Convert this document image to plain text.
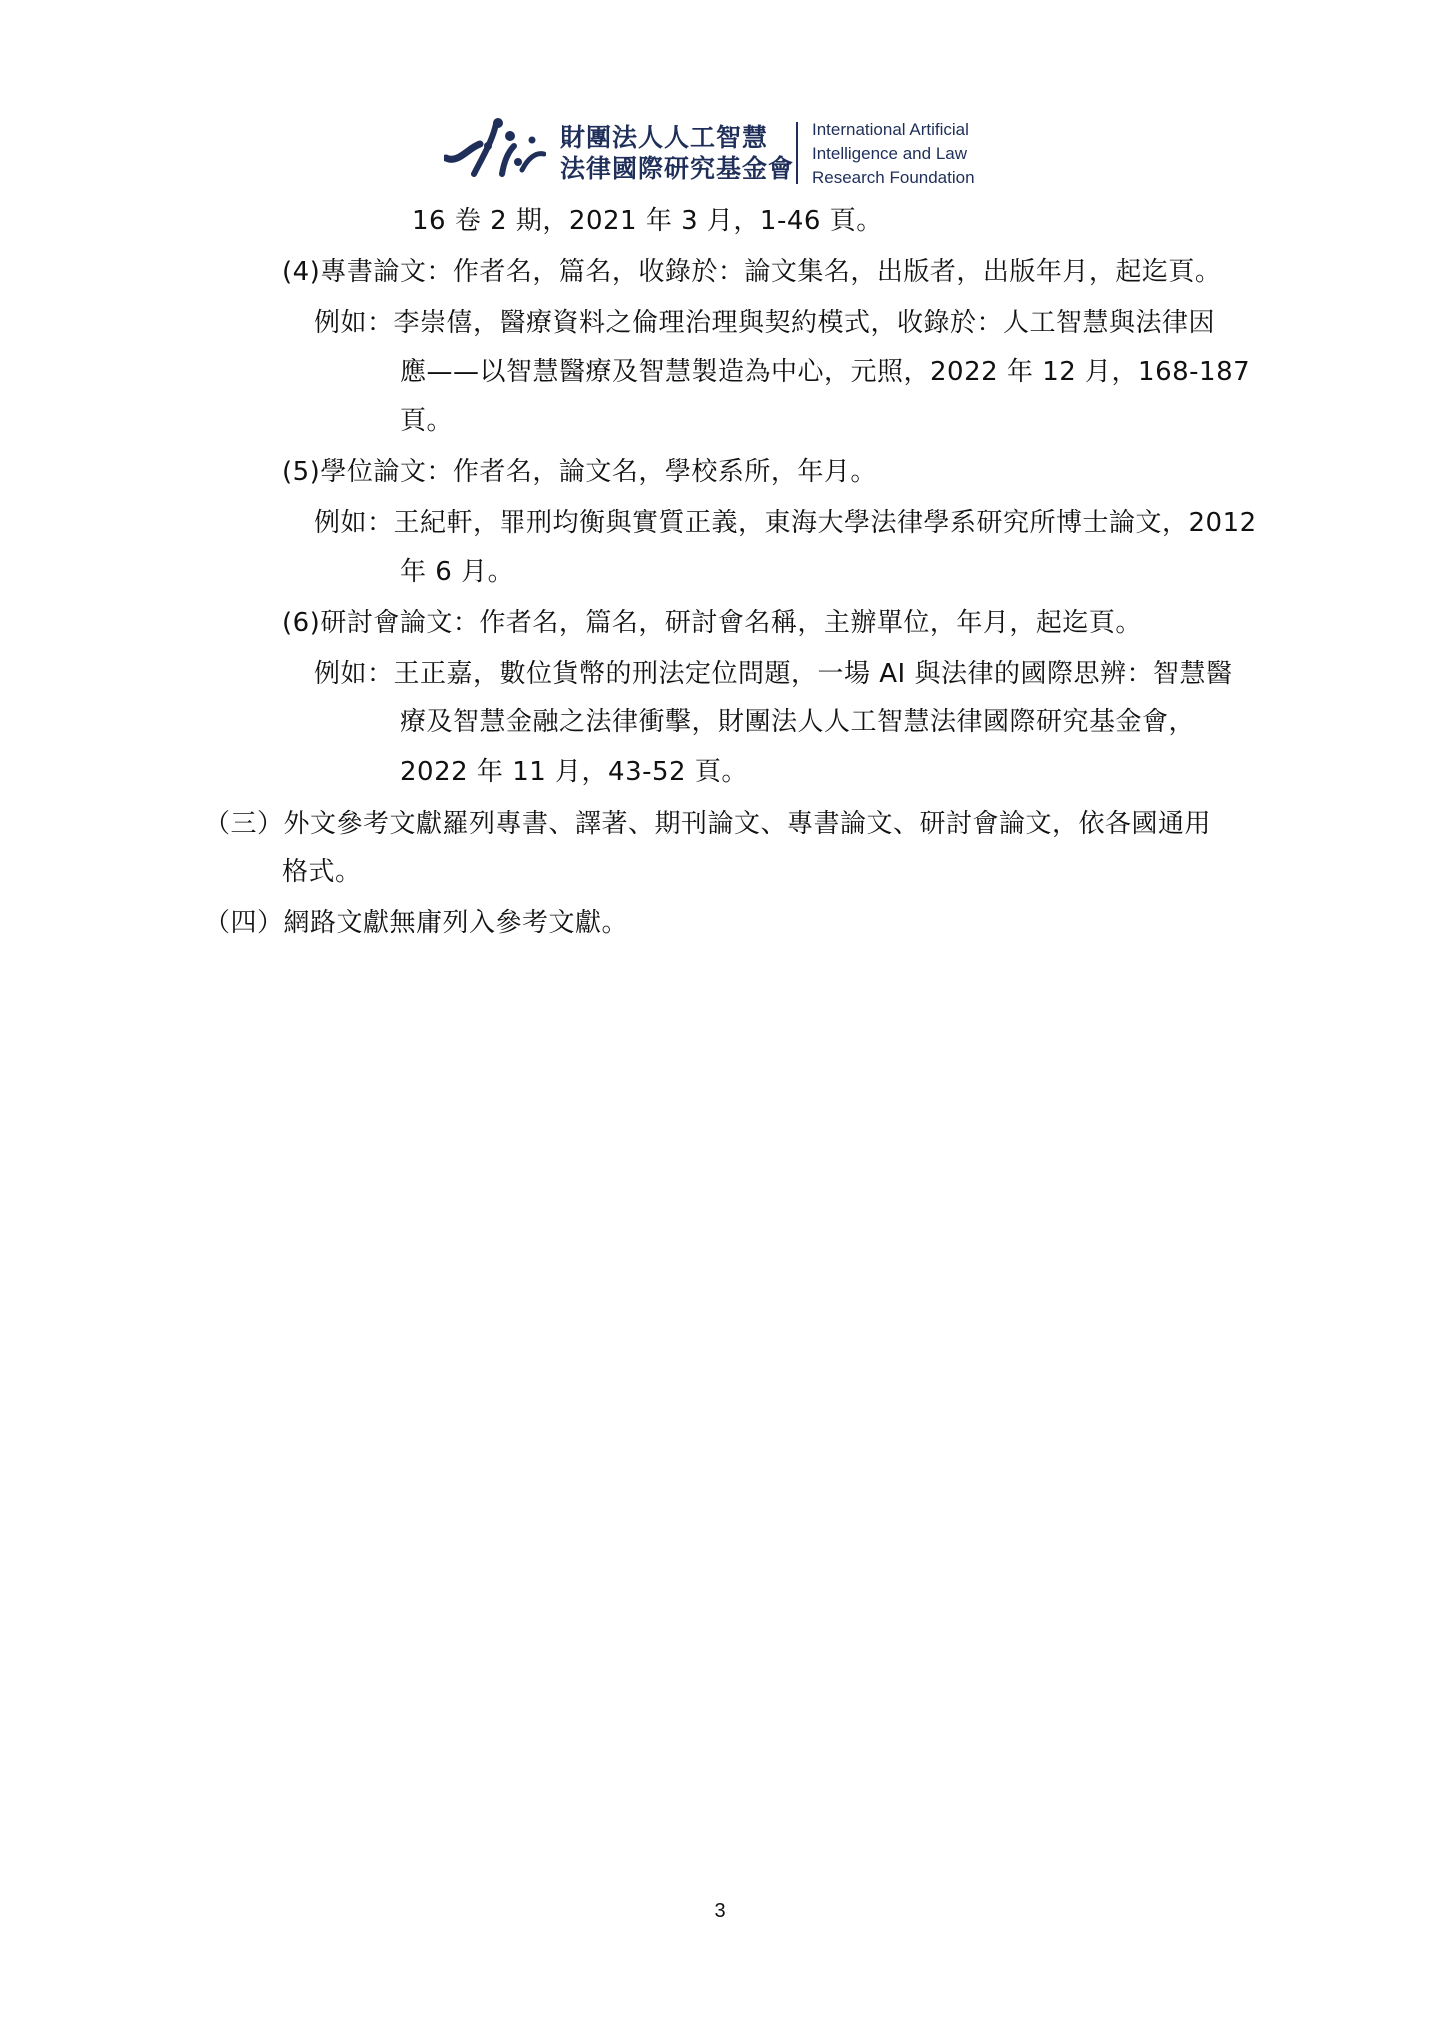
財團法人人工智慧
法律國際研究基金會
International Artificial
Intelligence and Law
Research Foundation
16 卷 2 期，2021 年 3 月，1-46 頁。
(4)專書論文：作者名，篇名，收錄於：論文集名，出版者，出版年月，起迄頁。
例如：李崇僖，醫療資料之倫理治理與契約模式，收錄於：人工智慧與法律因
應——以智慧醫療及智慧製造為中心，元照，2022 年 12 月，168-187
頁。
(5)學位論文：作者名，論文名，學校系所，年月。
例如：王紀軒，罪刑均衡與實質正義，東海大學法律學系研究所博士論文，2012
年 6 月。
(6)研討會論文：作者名，篇名，研討會名稱，主辦單位，年月，起迄頁。
例如：王正嘉，數位貨幣的刑法定位問題，一場 AI 與法律的國際思辨：智慧醫
療及智慧金融之法律衝擊，財團法人人工智慧法律國際研究基金會，
2022 年 11 月，43-52 頁。
（三）外文參考文獻羅列專書、譯著、期刊論文、專書論文、研討會論文，依各國通用
格式。
（四）網路文獻無庸列入參考文獻。
3
